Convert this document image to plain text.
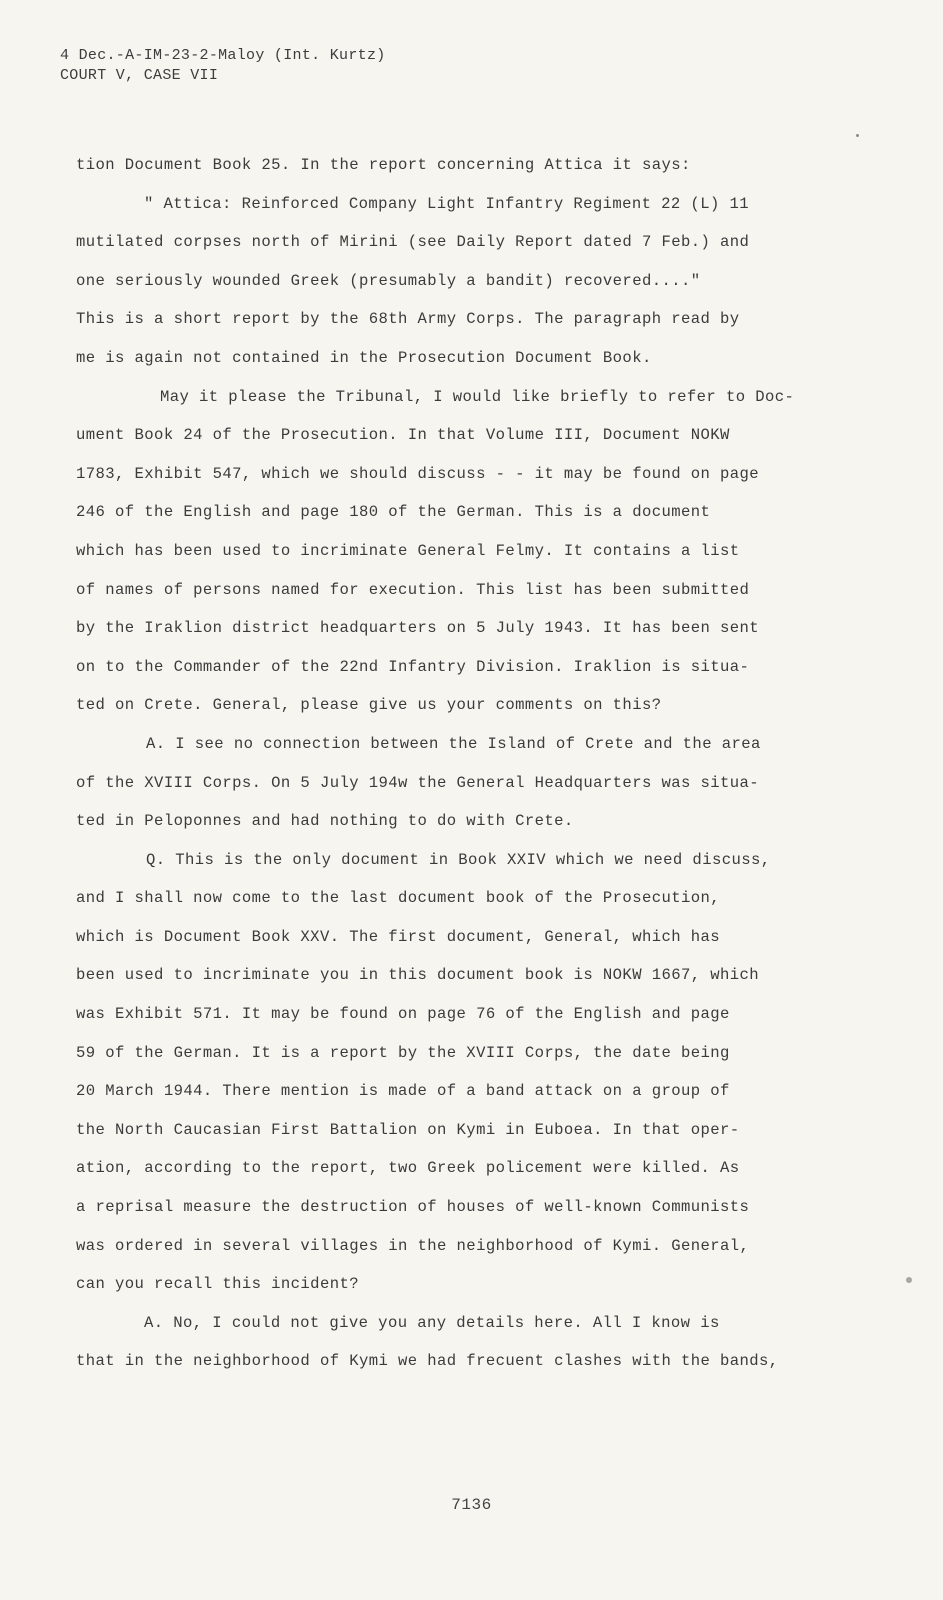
4 Dec.-A-IM-23-2-Maloy (Int. Kurtz)
COURT V, CASE VII
tion Document Book 25. In the report concerning Attica it says:
" Attica: Reinforced Company Light Infantry Regiment 22 (L) 11
mutilated corpses north of Mirini (see Daily Report dated 7 Feb.) and
one seriously wounded Greek (presumably a bandit) recovered...."
This is a short report by the 68th Army Corps. The paragraph read by
me is again not contained in the Prosecution Document Book.
May it please the Tribunal, I would like briefly to refer to Doc-
ument Book 24 of the Prosecution. In that Volume III, Document NOKW
1783, Exhibit 547, which we should discuss - - it may be found on page
246 of the English and page 180 of the German. This is a document
which has been used to incriminate General Felmy. It contains a list
of names of persons named for execution. This list has been submitted
by the Iraklion district headquarters on 5 July 1943. It has been sent
on to the Commander of the 22nd Infantry Division. Iraklion is situa-
ted on Crete. General, please give us your comments on this?
A. I see no connection between the Island of Crete and the area
of the XVIII Corps. On 5 July 194w the General Headquarters was situa-
ted in Peloponnes and had nothing to do with Crete.
Q. This is the only document in Book XXIV which we need discuss,
and I shall now come to the last document book of the Prosecution,
which is Document Book XXV. The first document, General, which has
been used to incriminate you in this document book is NOKW 1667, which
was Exhibit 571. It may be found on page 76 of the English and page
59 of the German. It is a report by the XVIII Corps, the date being
20 March 1944. There mention is made of a band attack on a group of
the North Caucasian First Battalion on Kymi in Euboea. In that oper-
ation, according to the report, two Greek policement were killed. As
a reprisal measure the destruction of houses of well-known Communists
was ordered in several villages in the neighborhood of Kymi. General,
can you recall this incident?
A. No, I could not give you any details here. All I know is
that in the neighborhood of Kymi we had frecuent clashes with the bands,
7136
